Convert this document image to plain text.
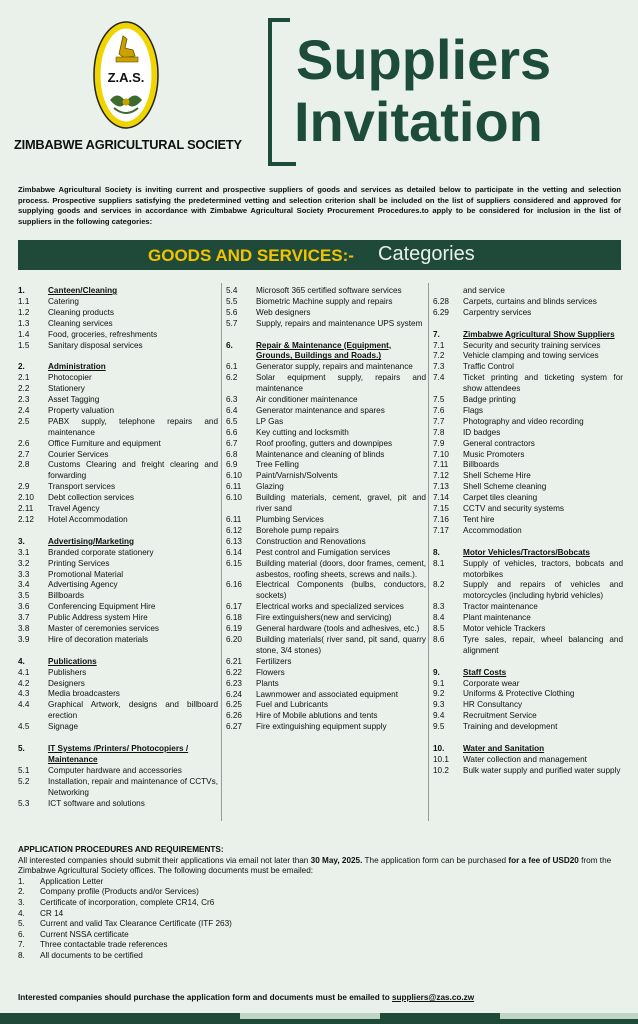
Z.A.S.
ZIMBABWE AGRICULTURAL SOCIETY
Suppliers
Invitation
Zimbabwe Agricultural Society is inviting current and prospective suppliers of goods and services as detailed below to participate in the vetting and selection process. Prospective suppliers satisfying the predetermined vetting and selection criterion shall be included on the list of suppliers considered and approved for supplying goods and services in accordance with Zimbabwe Agricultural Society Procurement Procedures.to apply to be considered for inclusion in the list of suppliers in the following categories:
GOODS AND SERVICES:- Categories
1.	Canteen/Cleaning
1.1	Catering
1.2	Cleaning products
1.3	Cleaning services
1.4	Food, groceries, refreshments
1.5	Sanitary disposal services
2.	Administration
2.1	Photocopier
2.2	Stationery
2.3	Asset Tagging
2.4	Property valuation
2.5	PABX supply, telephone repairs and maintenance
2.6	Office Furniture and equipment
2.7	Courier Services
2.8	Customs Clearing and freight clearing and forwarding
2.9	Transport services
2.10	Debt collection services
2.11	Travel Agency
2.12	Hotel Accommodation
3.	Advertising/Marketing
3.1	Branded corporate stationery
3.2	Printing Services
3.3	Promotional Material
3.4	Advertising Agency
3.5	Billboards
3.6	Conferencing Equipment Hire
3.7	Public Address system Hire
3.8	Master of ceremonies services
3.9	Hire of decoration materials
4.	Publications
4.1	Publishers
4.2	Designers
4.3	Media broadcasters
4.4	Graphical Artwork, designs and billboard erection
4.5	Signage
5.	IT Systems /Printers/ Photocopiers / Maintenance
5.1	Computer hardware and accessories
5.2	Installation, repair and maintenance of CCTVs, Networking
5.3	ICT software and solutions
5.4	Microsoft 365 certified software services
5.5	Biometric Machine supply and repairs
5.6	Web designers
5.7	Supply, repairs and maintenance UPS system
6.	Repair & Maintenance (Equipment, Grounds, Buildings and Roads.)
6.1	Generator supply, repairs and maintenance
6.2	Solar equipment supply, repairs and maintenance
6.3	Air conditioner maintenance
6.4	Generator maintenance and spares
6.5	LP Gas
6.6	Key cutting and locksmith
6.7	Roof proofing, gutters and downpipes
6.8	Maintenance and cleaning of blinds
6.9	Tree Felling
6.10	Paint/Varnish/Solvents
6.11	Glazing
6.10	Building materials, cement, gravel, pit and river sand
6.11	Plumbing Services
6.12	Borehole pump repairs
6.13	Construction and Renovations
6.14	Pest control and Fumigation services
6.15	Building material (doors, door frames, cement, asbestos, roofing sheets, screws and nails.).
6.16	Electrical Components (bulbs, conductors, sockets)
6.17	Electrical works and specialized services
6.18	Fire extinguishers(new and servicing)
6.19	General hardware (tools and adhesives, etc.)
6.20	Building materials( river sand, pit sand, quarry stone, 3/4 stones)
6.21	Fertilizers
6.22	Flowers
6.23	Plants
6.24	Lawnmower and associated equipment
6.25	Fuel and Lubricants
6.26	Hire of Mobile ablutions and tents
6.27	Fire extinguishing equipment supply
and service
6.28	Carpets, curtains and blinds services
6.29	Carpentry services
7.	Zimbabwe Agricultural Show Suppliers
7.1	Security and security training services
7.2	Vehicle clamping and towing services
7.3	Traffic Control
7.4	Ticket printing and ticketing system for show attendees
7.5	Badge printing
7.6	Flags
7.7	Photography and video recording
7.8	ID badges
7.9	General contractors
7.10	Music Promoters
7.11	Billboards
7.12	Shell Scheme Hire
7.13	Shell Scheme cleaning
7.14	Carpet tiles cleaning
7.15	CCTV and security systems
7.16	Tent hire
7.17	Accommodation
8.	Motor Vehicles/Tractors/Bobcats
8.1	Supply of vehicles, tractors, bobcats and motorbikes
8.2	Supply and repairs of vehicles and motorcycles (including hybrid vehicles)
8.3	Tractor maintenance
8.4	Plant maintenance
8.5	Motor vehicle Trackers
8.6	Tyre sales, repair, wheel balancing and alignment
9.	Staff Costs
9.1	Corporate wear
9.2	Uniforms & Protective Clothing
9.3	HR Consultancy
9.4	Recruitment Service
9.5	Training and development
10.	Water and Sanitation
10.1	Water collection and management
10.2	Bulk water supply and purified water supply
APPLICATION PROCEDURES AND REQUIREMENTS:
All interested companies should submit their applications via email not later than 30 May, 2025. The application form can be purchased for a fee of USD20 from the Zimbabwe Agricultural Society offices. The following documents must be emailed:
1.	Application Letter
2.	Company profile (Products and/or Services)
3.	Certificate of incorporation, complete CR14, Cr6
4.	CR 14
5.	Current and valid Tax Clearance Certificate (ITF 263)
6.	Current NSSA certificate
7.	Three contactable trade references
8.	All documents to be certified
Interested companies should purchase the application form and documents must be emailed to suppliers@zas.co.zw
